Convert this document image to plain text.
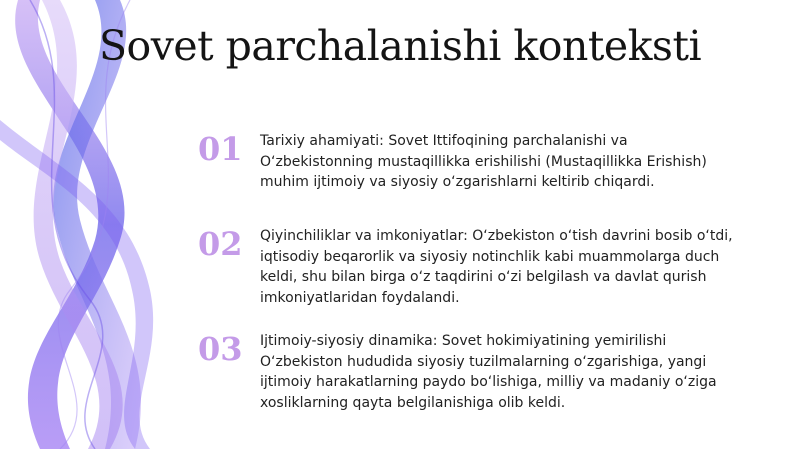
Sovet parchalanishi konteksti
01	Tarixiy ahamiyati: Sovet Ittifoqining parchalanishi va O‘zbekistonning mustaqillikka erishilishi (Mustaqillikka Erishish) muhim ijtimoiy va siyosiy o‘zgarishlarni keltirib chiqardi.
02	Qiyinchiliklar va imkoniyatlar: O‘zbekiston o‘tish davrini bosib o‘tdi, iqtisodiy beqarorlik va siyosiy notinchlik kabi muammolarga duch keldi, shu bilan birga o‘z taqdirini o‘zi belgilash va davlat qurish imkoniyatlaridan foydalandi.
03	Ijtimoiy-siyosiy dinamika: Sovet hokimiyatining yemirilishi O‘zbekiston hududida siyosiy tuzilmalarning o‘zgarishiga, yangi ijtimoiy harakatlarning paydo bo‘lishiga, milliy va madaniy o‘ziga xosliklarning qayta belgilanishiga olib keldi.
